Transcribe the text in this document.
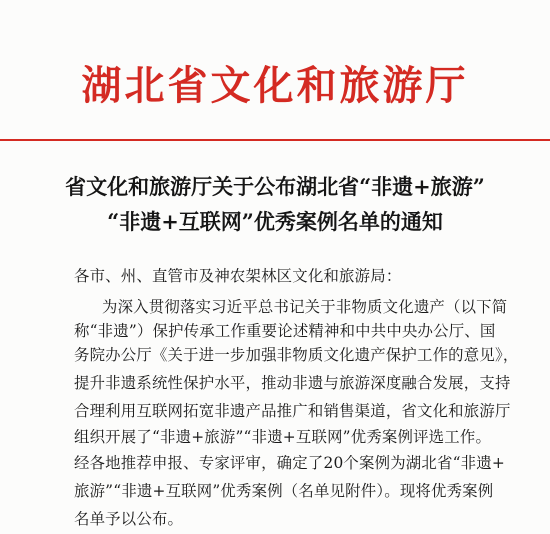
湖北省文化和旅游厅
省文化和旅游厅关于公布湖北省“非遗+旅游”
“非遗+互联网”优秀案例名单的通知
各市、州、直管市及神农架林区文化和旅游局：
为深入贯彻落实习近平总书记关于非物质文化遗产（以下简
称“非遗”）保护传承工作重要论述精神和中共中央办公厅、国
务院办公厅《关于进一步加强非物质文化遗产保护工作的意见》，
提升非遗系统性保护水平，推动非遗与旅游深度融合发展，支持
合理利用互联网拓宽非遗产品推广和销售渠道，省文化和旅游厅
组织开展了“非遗+旅游”“非遗+互联网”优秀案例评选工作。
经各地推荐申报、专家评审，确定了20个案例为湖北省“非遗+
旅游”“非遗+互联网”优秀案例（名单见附件）。现将优秀案例
名单予以公布。
